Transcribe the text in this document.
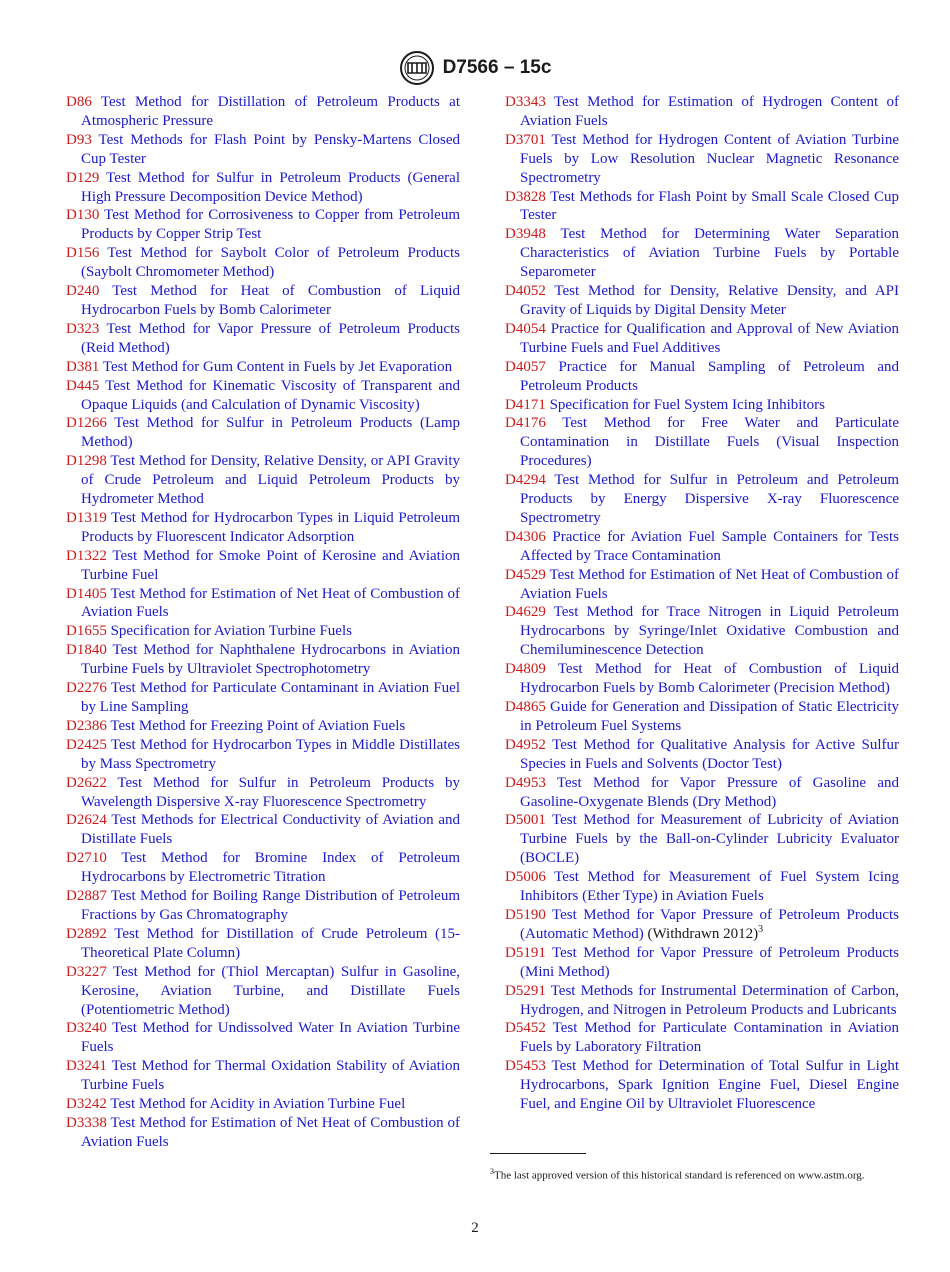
D7566 – 15c

D86 Test Method for Distillation of Petroleum Products at Atmospheric Pressure

D93 Test Methods for Flash Point by Pensky-Martens Closed Cup Tester

D129 Test Method for Sulfur in Petroleum Products (General High Pressure Decomposition Device Method)

D130 Test Method for Corrosiveness to Copper from Petroleum Products by Copper Strip Test

D156 Test Method for Saybolt Color of Petroleum Products (Saybolt Chromometer Method)

D240 Test Method for Heat of Combustion of Liquid Hydrocarbon Fuels by Bomb Calorimeter

D323 Test Method for Vapor Pressure of Petroleum Products (Reid Method)

D381 Test Method for Gum Content in Fuels by Jet Evaporation

D445 Test Method for Kinematic Viscosity of Transparent and Opaque Liquids (and Calculation of Dynamic Viscosity)

D1266 Test Method for Sulfur in Petroleum Products (Lamp Method)

D1298 Test Method for Density, Relative Density, or API Gravity of Crude Petroleum and Liquid Petroleum Products by Hydrometer Method

D1319 Test Method for Hydrocarbon Types in Liquid Petroleum Products by Fluorescent Indicator Adsorption

D1322 Test Method for Smoke Point of Kerosine and Aviation Turbine Fuel

D1405 Test Method for Estimation of Net Heat of Combustion of Aviation Fuels

D1655 Specification for Aviation Turbine Fuels

D1840 Test Method for Naphthalene Hydrocarbons in Aviation Turbine Fuels by Ultraviolet Spectrophotometry

D2276 Test Method for Particulate Contaminant in Aviation Fuel by Line Sampling

D2386 Test Method for Freezing Point of Aviation Fuels

D2425 Test Method for Hydrocarbon Types in Middle Distillates by Mass Spectrometry

D2622 Test Method for Sulfur in Petroleum Products by Wavelength Dispersive X-ray Fluorescence Spectrometry

D2624 Test Methods for Electrical Conductivity of Aviation and Distillate Fuels

D2710 Test Method for Bromine Index of Petroleum Hydrocarbons by Electrometric Titration

D2887 Test Method for Boiling Range Distribution of Petroleum Fractions by Gas Chromatography

D2892 Test Method for Distillation of Crude Petroleum (15-Theoretical Plate Column)

D3227 Test Method for (Thiol Mercaptan) Sulfur in Gasoline, Kerosine, Aviation Turbine, and Distillate Fuels (Potentiometric Method)

D3240 Test Method for Undissolved Water In Aviation Turbine Fuels

D3241 Test Method for Thermal Oxidation Stability of Aviation Turbine Fuels

D3242 Test Method for Acidity in Aviation Turbine Fuel

D3338 Test Method for Estimation of Net Heat of Combustion of Aviation Fuels

D3343 Test Method for Estimation of Hydrogen Content of Aviation Fuels

D3701 Test Method for Hydrogen Content of Aviation Turbine Fuels by Low Resolution Nuclear Magnetic Resonance Spectrometry

D3828 Test Methods for Flash Point by Small Scale Closed Cup Tester

D3948 Test Method for Determining Water Separation Characteristics of Aviation Turbine Fuels by Portable Separometer

D4052 Test Method for Density, Relative Density, and API Gravity of Liquids by Digital Density Meter

D4054 Practice for Qualification and Approval of New Aviation Turbine Fuels and Fuel Additives

D4057 Practice for Manual Sampling of Petroleum and Petroleum Products

D4171 Specification for Fuel System Icing Inhibitors

D4176 Test Method for Free Water and Particulate Contamination in Distillate Fuels (Visual Inspection Procedures)

D4294 Test Method for Sulfur in Petroleum and Petroleum Products by Energy Dispersive X-ray Fluorescence Spectrometry

D4306 Practice for Aviation Fuel Sample Containers for Tests Affected by Trace Contamination

D4529 Test Method for Estimation of Net Heat of Combustion of Aviation Fuels

D4629 Test Method for Trace Nitrogen in Liquid Petroleum Hydrocarbons by Syringe/Inlet Oxidative Combustion and Chemiluminescence Detection

D4809 Test Method for Heat of Combustion of Liquid Hydrocarbon Fuels by Bomb Calorimeter (Precision Method)

D4865 Guide for Generation and Dissipation of Static Electricity in Petroleum Fuel Systems

D4952 Test Method for Qualitative Analysis for Active Sulfur Species in Fuels and Solvents (Doctor Test)

D4953 Test Method for Vapor Pressure of Gasoline and Gasoline-Oxygenate Blends (Dry Method)

D5001 Test Method for Measurement of Lubricity of Aviation Turbine Fuels by the Ball-on-Cylinder Lubricity Evaluator (BOCLE)

D5006 Test Method for Measurement of Fuel System Icing Inhibitors (Ether Type) in Aviation Fuels

D5190 Test Method for Vapor Pressure of Petroleum Products (Automatic Method) (Withdrawn 2012)$^3$

D5191 Test Method for Vapor Pressure of Petroleum Products (Mini Method)

D5291 Test Methods for Instrumental Determination of Carbon, Hydrogen, and Nitrogen in Petroleum Products and Lubricants

D5452 Test Method for Particulate Contamination in Aviation Fuels by Laboratory Filtration

D5453 Test Method for Determination of Total Sulfur in Light Hydrocarbons, Spark Ignition Engine Fuel, Diesel Engine Fuel, and Engine Oil by Ultraviolet Fluorescence

$^3$The last approved version of this historical standard is referenced on www.astm.org.
2
